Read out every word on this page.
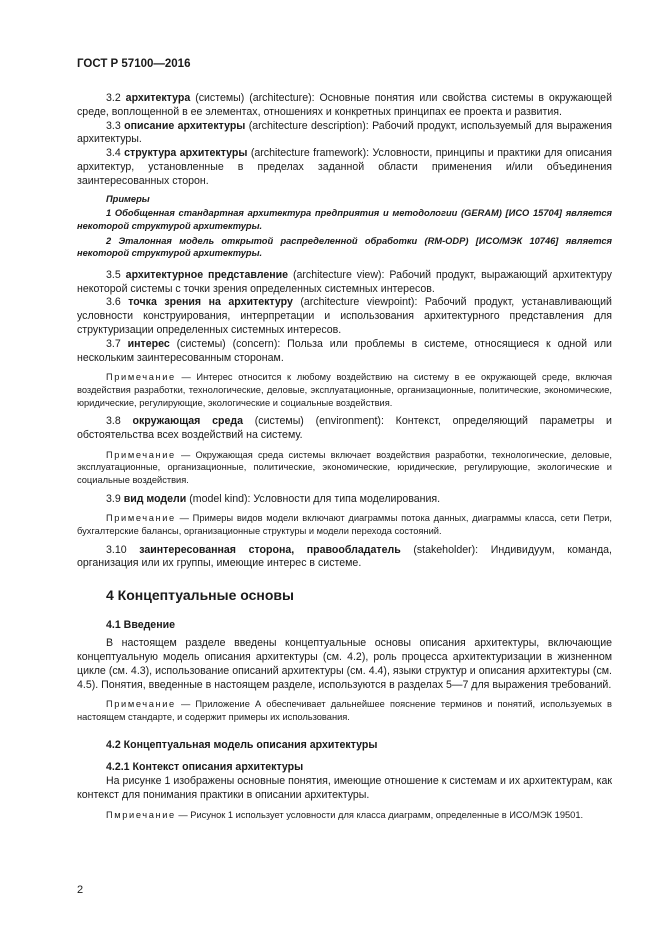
ГОСТ Р 57100—2016

3.2 архитектура (системы) (architecture): Основные понятия или свойства системы в окружающей среде, воплощенной в ее элементах, отношениях и конкретных принципах ее проекта и развития.

3.3 описание архитектуры (architecture description): Рабочий продукт, используемый для выражения архитектуры.

3.4 структура архитектуры (architecture framework): Условности, принципы и практики для описания архитектур, установленные в пределах заданной области применения и/или объединения заинтересованных сторон.

Примеры

1 Обобщенная стандартная архитектура предприятия и методологии (GERAM) [ИСО 15704] является некоторой структурой архитектуры.

2 Эталонная модель открытой распределенной обработки (RM-ODP) [ИСО/МЭК 10746] является некоторой структурой архитектуры.

3.5 архитектурное представление (architecture view): Рабочий продукт, выражающий архитектуру некоторой системы с точки зрения определенных системных интересов.

3.6 точка зрения на архитектуру (architecture viewpoint): Рабочий продукт, устанавливающий условности конструирования, интерпретации и использования архитектурного представления для структуризации определенных системных интересов.

3.7 интерес (системы) (concern): Польза или проблемы в системе, относящиеся к одной или нескольким заинтересованным сторонам.

Примечание — Интерес относится к любому воздействию на систему в ее окружающей среде, включая воздействия разработки, технологические, деловые, эксплуатационные, организационные, политические, экономические, юридические, регулирующие, экологические и социальные воздействия.

3.8 окружающая среда (системы) (environment): Контекст, определяющий параметры и обстоятельства всех воздействий на систему.

Примечание — Окружающая среда системы включает воздействия разработки, технологические, деловые, эксплуатационные, организационные, политические, экономические, юридические, регулирующие, экологические и социальные воздействия.

3.9 вид модели (model kind): Условности для типа моделирования.

Примечание — Примеры видов модели включают диаграммы потока данных, диаграммы класса, сети Петри, бухгалтерские балансы, организационные структуры и модели перехода состояний.

3.10 заинтересованная сторона, правообладатель (stakeholder): Индивидуум, команда, организация или их группы, имеющие интерес в системе.

4 Концептуальные основы
4.1 Введение

В настоящем разделе введены концептуальные основы описания архитектуры, включающие концептуальную модель описания архитектуры (см. 4.2), роль процесса архитектуризации в жизненном цикле (см. 4.3), использование описаний архитектуры (см. 4.4), языки структур и описания архитектуры (см. 4.5). Понятия, введенные в настоящем разделе, используются в разделах 5—7 для выражения требований.

Примечание — Приложение А обеспечивает дальнейшее пояснение терминов и понятий, используемых в настоящем стандарте, и содержит примеры их использования.

4.2 Концептуальная модель описания архитектуры
4.2.1 Контекст описания архитектуры

На рисунке 1 изображены основные понятия, имеющие отношение к системам и их архитектурам, как контекст для понимания практики в описании архитектуры.

Пмриечание — Рисунок 1 использует условности для класса диаграмм, определенные в ИСО/МЭК 19501.

2
